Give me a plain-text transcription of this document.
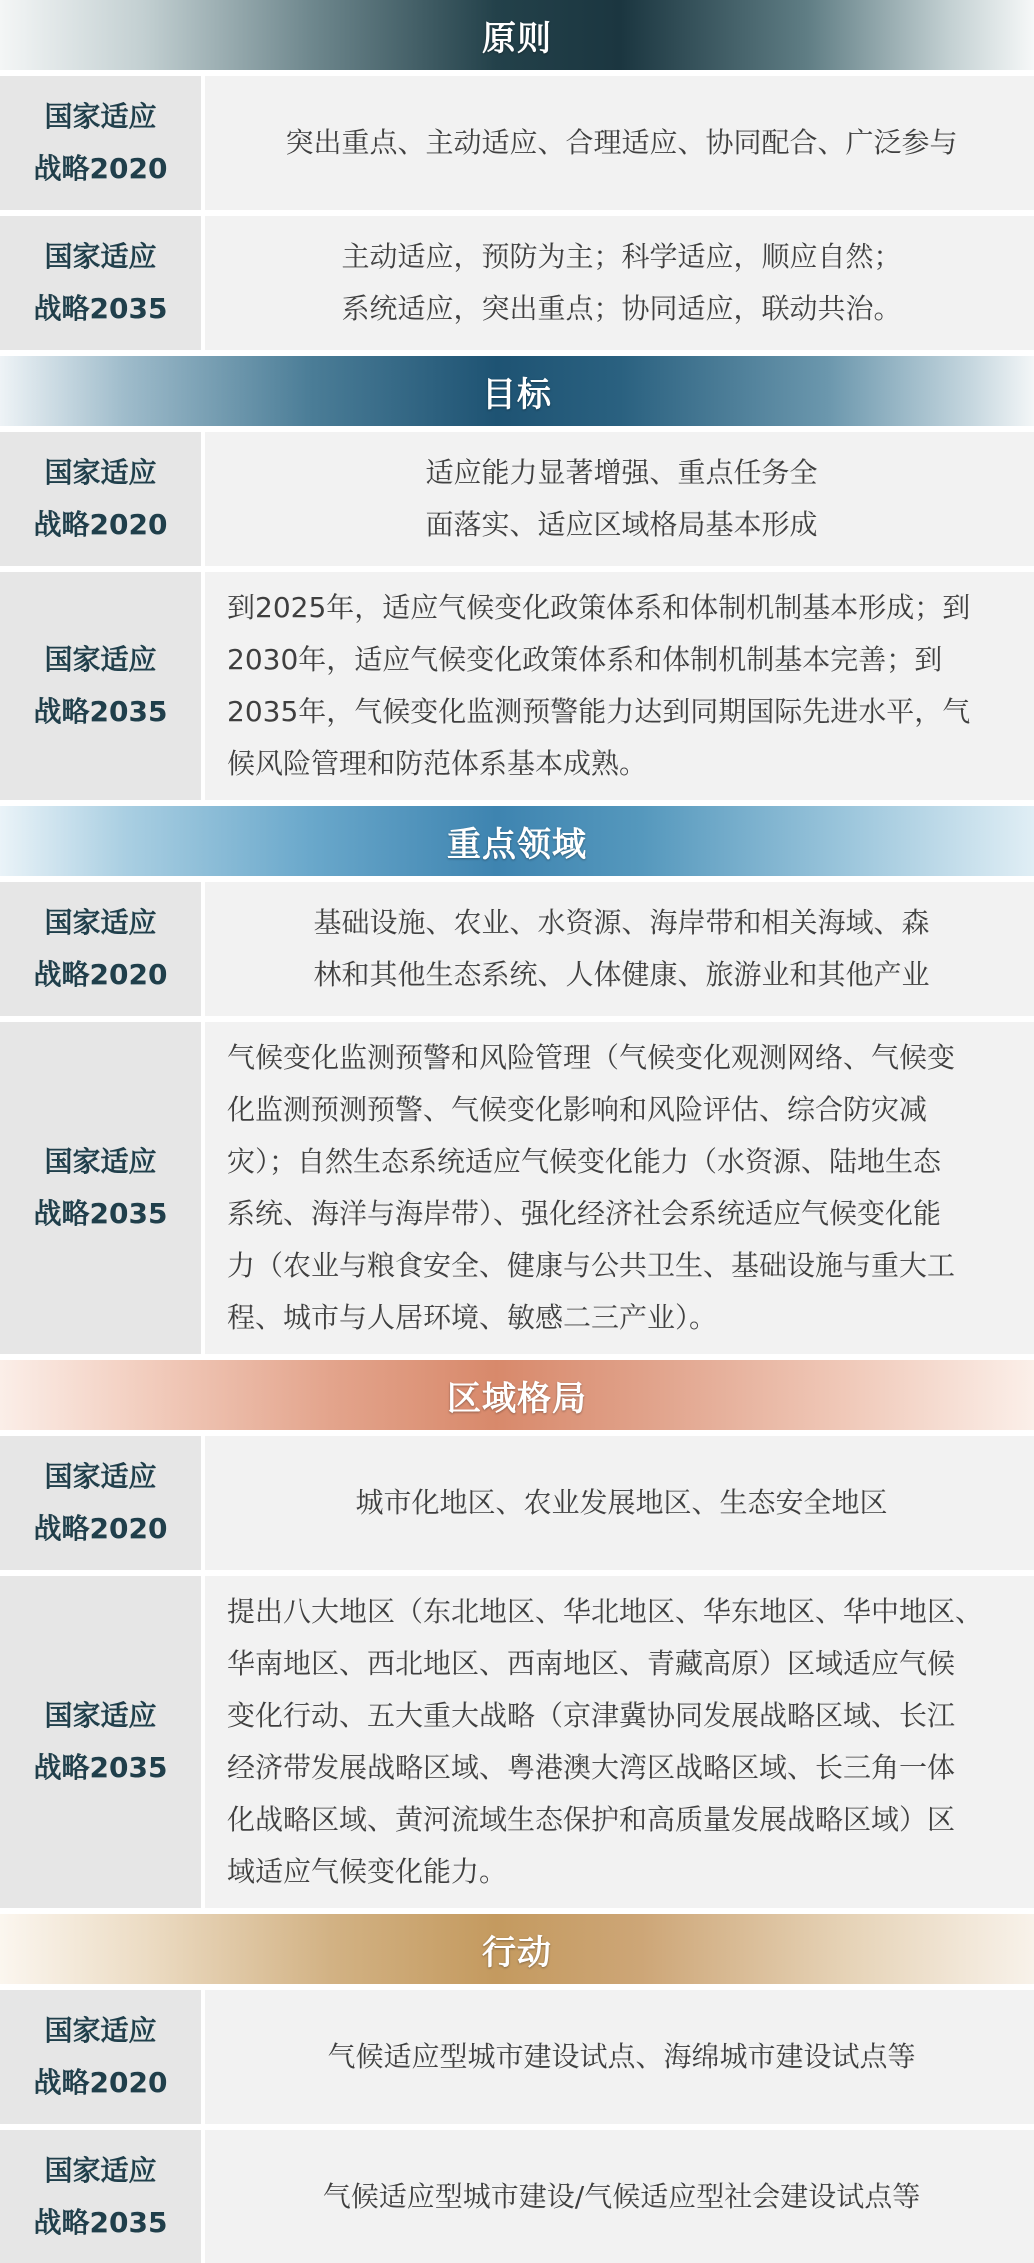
原则
国家适应
战略2020
突出重点、主动适应、合理适应、协同配合、广泛参与
国家适应
战略2035
主动适应，预防为主；科学适应，顺应自然；
系统适应，突出重点；协同适应，联动共治。
目标
国家适应
战略2020
适应能力显著增强、重点任务全
面落实、适应区域格局基本形成
国家适应
战略2035
到2025年，适应气候变化政策体系和体制机制基本形成；到
2030年，适应气候变化政策体系和体制机制基本完善；到
2035年，气候变化监测预警能力达到同期国际先进水平，气
候风险管理和防范体系基本成熟。
重点领域
国家适应
战略2020
基础设施、农业、水资源、海岸带和相关海域、森
林和其他生态系统、人体健康、旅游业和其他产业
国家适应
战略2035
气候变化监测预警和风险管理（气候变化观测网络、气候变
化监测预测预警、气候变化影响和风险评估、综合防灾减
灾）；自然生态系统适应气候变化能力（水资源、陆地生态
系统、海洋与海岸带）、强化经济社会系统适应气候变化能
力（农业与粮食安全、健康与公共卫生、基础设施与重大工
程、城市与人居环境、敏感二三产业）。
区域格局
国家适应
战略2020
城市化地区、农业发展地区、生态安全地区
国家适应
战略2035
提出八大地区（东北地区、华北地区、华东地区、华中地区、
华南地区、西北地区、西南地区、青藏高原）区域适应气候
变化行动、五大重大战略（京津冀协同发展战略区域、长江
经济带发展战略区域、粤港澳大湾区战略区域、长三角一体
化战略区域、黄河流域生态保护和高质量发展战略区域）区
域适应气候变化能力。
行动
国家适应
战略2020
气候适应型城市建设试点、海绵城市建设试点等
国家适应
战略2035
气候适应型城市建设/气候适应型社会建设试点等
